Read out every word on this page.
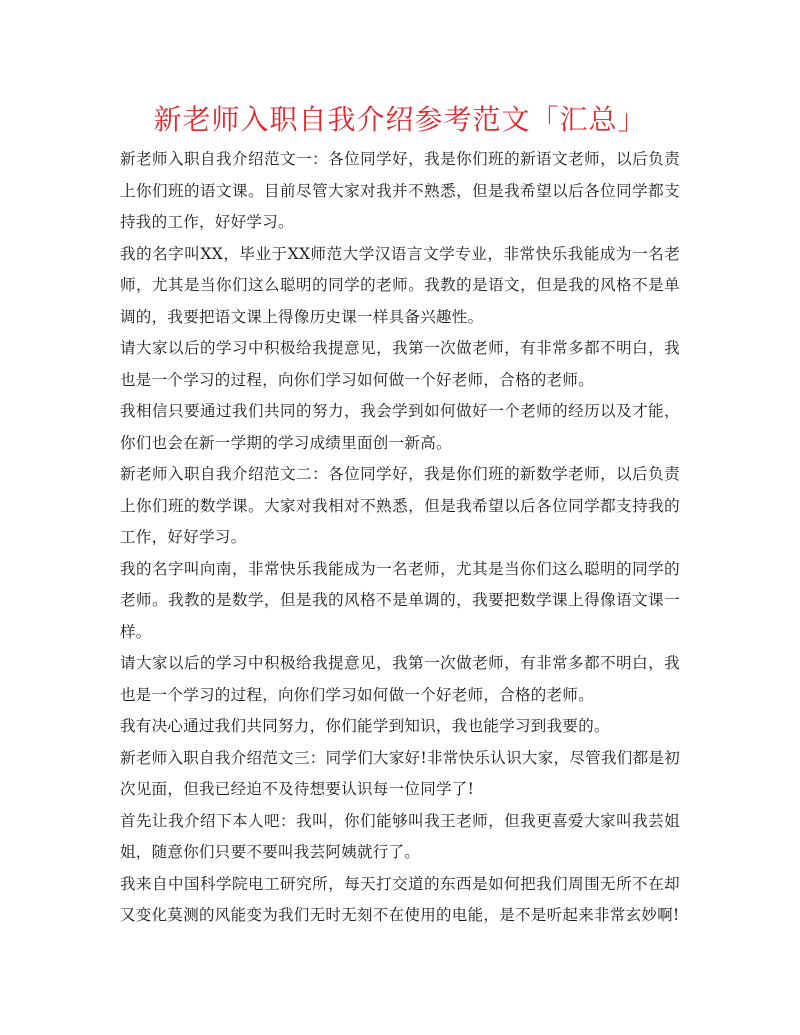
新老师入职自我介绍参考范文「汇总」

新老师入职自我介绍范文一：各位同学好，我是你们班的新语文老师，以后负责上你们班的语文课。目前尽管大家对我并不熟悉，但是我希望以后各位同学都支持我的工作，好好学习。

我的名字叫XX，毕业于XX师范大学汉语言文学专业，非常快乐我能成为一名老师，尤其是当你们这么聪明的同学的老师。我教的是语文，但是我的风格不是单调的，我要把语文课上得像历史课一样具备兴趣性。

请大家以后的学习中积极给我提意见，我第一次做老师，有非常多都不明白，我也是一个学习的过程，向你们学习如何做一个好老师，合格的老师。

我相信只要通过我们共同的努力，我会学到如何做好一个老师的经历以及才能，你们也会在新一学期的学习成绩里面创一新高。

新老师入职自我介绍范文二：各位同学好，我是你们班的新数学老师，以后负责上你们班的数学课。大家对我相对不熟悉，但是我希望以后各位同学都支持我的工作，好好学习。

我的名字叫向南，非常快乐我能成为一名老师，尤其是当你们这么聪明的同学的老师。我教的是数学，但是我的风格不是单调的，我要把数学课上得像语文课一样。

请大家以后的学习中积极给我提意见，我第一次做老师，有非常多都不明白，我也是一个学习的过程，向你们学习如何做一个好老师，合格的老师。

我有决心通过我们共同努力，你们能学到知识，我也能学习到我要的。

新老师入职自我介绍范文三：同学们大家好!非常快乐认识大家，尽管我们都是初次见面，但我已经迫不及待想要认识每一位同学了!

首先让我介绍下本人吧：我叫，你们能够叫我王老师，但我更喜爱大家叫我芸姐姐，随意你们只要不要叫我芸阿姨就行了。

我来自中国科学院电工研究所，每天打交道的东西是如何把我们周围无所不在却又变化莫测的风能变为我们无时无刻不在使用的电能，是不是听起来非常玄妙啊!
